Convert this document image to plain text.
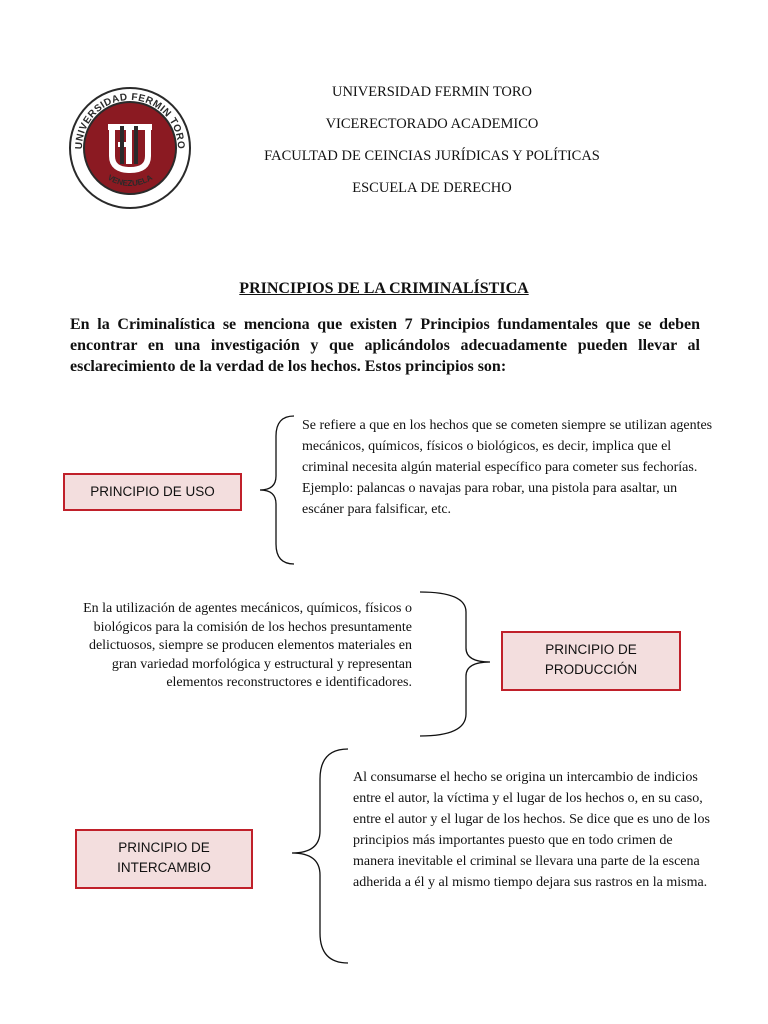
UNIVERSIDAD FERMIN TORO
VENEZUELA
UNIVERSIDAD FERMIN TORO
VICERECTORADO ACADEMICO
FACULTAD DE CEINCIAS JURÍDICAS Y POLÍTICAS
ESCUELA DE DERECHO
PRINCIPIOS DE LA CRIMINALÍSTICA
En la Criminalística se menciona que existen 7 Principios fundamentales que se deben encontrar en una investigación y que aplicándolos adecuadamente pueden llevar al esclarecimiento de la verdad de los hechos. Estos principios son:
PRINCIPIO DE USO
Se refiere a que en los hechos que se cometen siempre se utilizan agentes mecánicos, químicos, físicos o biológicos, es decir, implica que el criminal necesita algún material específico para cometer sus fechorías. Ejemplo: palancas o navajas para robar, una pistola para asaltar, un escáner para falsificar, etc.
En la utilización de agentes mecánicos, químicos, físicos o biológicos para la comisión de los hechos presuntamente delictuosos, siempre se producen elementos materiales en gran variedad morfológica y estructural y representan elementos reconstructores e identificadores.
PRINCIPIO DE PRODUCCIÓN
PRINCIPIO DE INTERCAMBIO
Al consumarse el hecho se origina un intercambio de indicios entre el autor, la víctima y el lugar de los hechos o, en su caso, entre el autor y el lugar de los hechos. Se dice que es uno de los principios más importantes puesto que en todo crimen de manera inevitable el criminal se llevara una parte de la escena adherida a él y al mismo tiempo dejara sus rastros en la misma.
